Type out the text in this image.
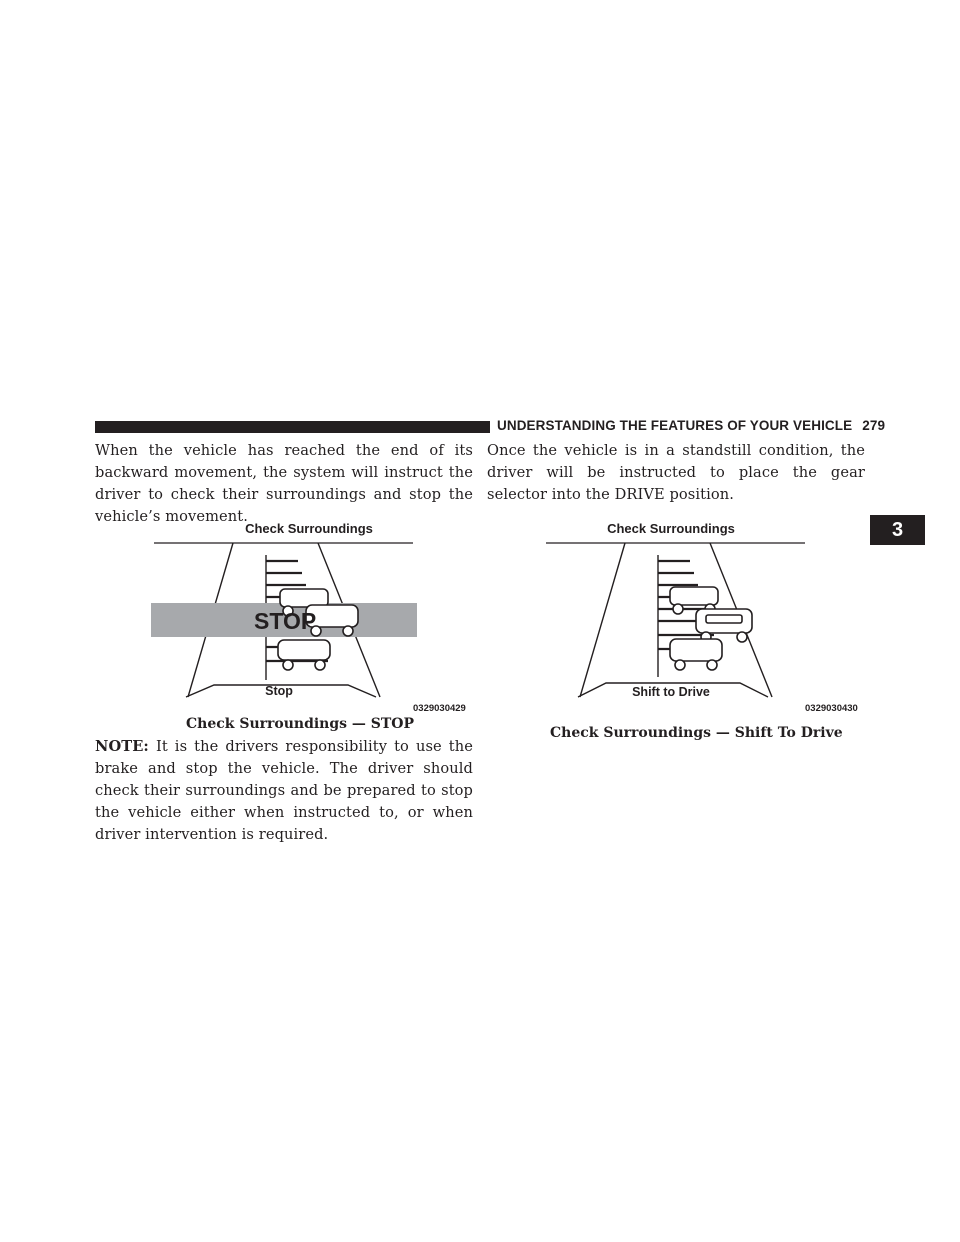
UNDERSTANDING THE FEATURES OF YOUR VEHICLE 279
3

When the vehicle has reached the end of its backward movement, the system will instruct the driver to check their surroundings and stop the vehicle’s movement.

Check Surroundings
STOP
Stop
0329030429
Check Surroundings — STOP

NOTE: It is the drivers responsibility to use the brake and stop the vehicle. The driver should check their surroundings and be prepared to stop the vehicle either when instructed to, or when driver intervention is required.

Once the vehicle is in a standstill condition, the driver will be instructed to place the gear selector into the DRIVE position.

Check Surroundings
Shift to Drive
0329030430
Check Surroundings — Shift To Drive
